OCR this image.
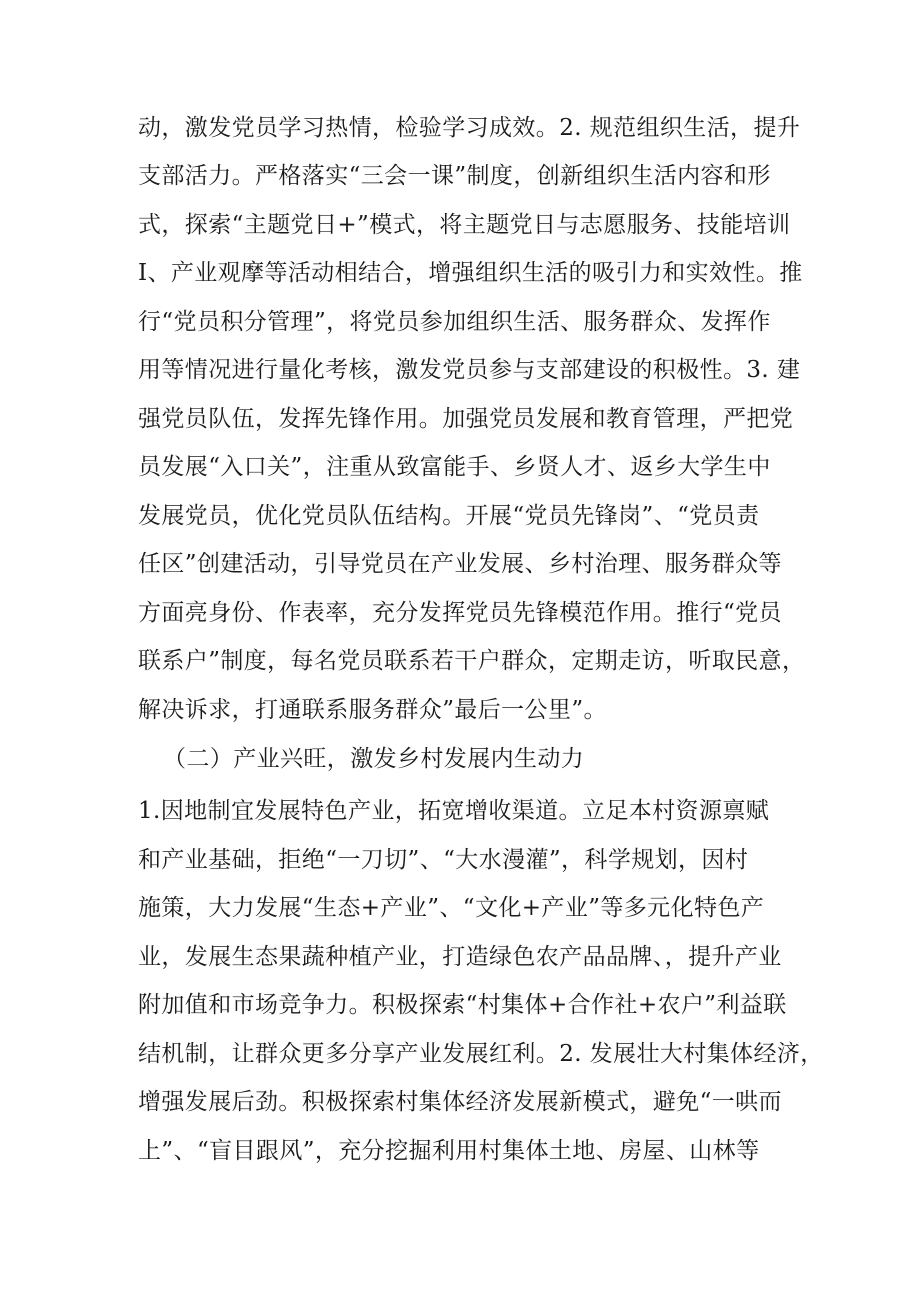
动，激发党员学习热情，检验学习成效。2. 规范组织生活，提升
支部活力。严格落实“三会一课”制度，创新组织生活内容和形
式，探索“主题党日+”模式，将主题党日与志愿服务、技能培训
I、产业观摩等活动相结合，增强组织生活的吸引力和实效性。推
行“党员积分管理”，将党员参加组织生活、服务群众、发挥作
用等情况进行量化考核，激发党员参与支部建设的积极性。3. 建
强党员队伍，发挥先锋作用。加强党员发展和教育管理，严把党
员发展“入口关”，注重从致富能手、乡贤人才、返乡大学生中
发展党员，优化党员队伍结构。开展“党员先锋岗”、“党员责
任区”创建活动，引导党员在产业发展、乡村治理、服务群众等
方面亮身份、作表率，充分发挥党员先锋模范作用。推行“党员
联系户”制度，每名党员联系若干户群众，定期走访，听取民意，
解决诉求，打通联系服务群众”最后一公里”。
（二）产业兴旺，激发乡村发展内生动力
1.因地制宜发展特色产业，拓宽增收渠道。立足本村资源禀赋
和产业基础，拒绝“一刀切”、“大水漫灌”，科学规划，因村
施策，大力发展“生态+产业”、“文化+产业”等多元化特色产
业，发展生态果蔬种植产业，打造绿色农产品品牌、，提升产业
附加值和市场竞争力。积极探索“村集体+合作社+农户”利益联
结机制，让群众更多分享产业发展红利。2. 发展壮大村集体经济，
增强发展后劲。积极探索村集体经济发展新模式，避免“一哄而
上”、“盲目跟风”，充分挖掘利用村集体土地、房屋、山林等
